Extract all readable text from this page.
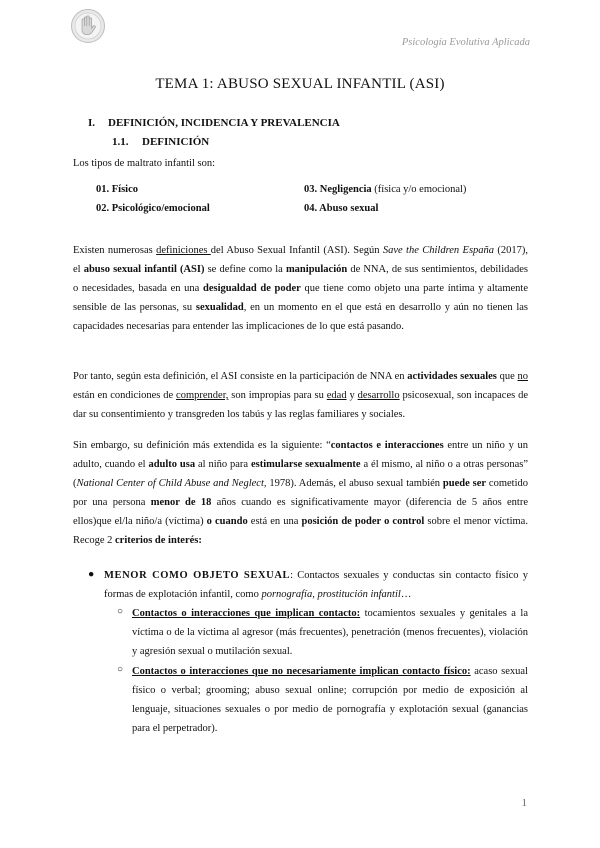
Psicología Evolutiva Aplicada
TEMA 1: ABUSO SEXUAL INFANTIL (ASI)
I. DEFINICIÓN, INCIDENCIA Y PREVALENCIA
1.1. DEFINICIÓN
Los tipos de maltrato infantil son:
01. Físico	03. Negligencia (física y/o emocional)
02. Psicológico/emocional	04. Abuso sexual
Existen numerosas definiciones del Abuso Sexual Infantil (ASI). Según Save the Children España (2017), el abuso sexual infantil (ASI) se define como la manipulación de NNA, de sus sentimientos, debilidades o necesidades, basada en una desigualdad de poder que tiene como objeto una parte íntima y altamente sensible de las personas, su sexualidad, en un momento en el que está en desarrollo y aún no tienen las capacidades necesarias para entender las implicaciones de lo que está pasando.
Por tanto, según esta definición, el ASI consiste en la participación de NNA en actividades sexuales que no están en condiciones de comprender, son impropias para su edad y desarrollo psicosexual, son incapaces de dar su consentimiento y transgreden los tabús y las reglas familiares y sociales.
Sin embargo, su definición más extendida es la siguiente: “contactos e interacciones entre un niño y un adulto, cuando el adulto usa al niño para estimularse sexualmente a él mismo, al niño o a otras personas” (National Center of Child Abuse and Neglect, 1978). Además, el abuso sexual también puede ser cometido por una persona menor de 18 años cuando es significativamente mayor (diferencia de 5 años entre ellos)que el/la niño/a (víctima) o cuando está en una posición de poder o control sobre el menor víctima. Recoge 2 criterios de interés:
● MENOR COMO OBJETO SEXUAL: Contactos sexuales y conductas sin contacto físico y formas de explotación infantil, como pornografía, prostitución infantil…
○ Contactos o interacciones que implican contacto: tocamientos sexuales y genitales a la víctima o de la víctima al agresor (más frecuentes), penetración (menos frecuentes), violación y agresión sexual o mutilación sexual.
○ Contactos o interacciones que no necesariamente implican contacto físico: acaso sexual físico o verbal; grooming; abuso sexual online; corrupción por medio de exposición al lenguaje, situaciones sexuales o por medio de pornografía y explotación sexual (ganancias para el perpetrador).
1
